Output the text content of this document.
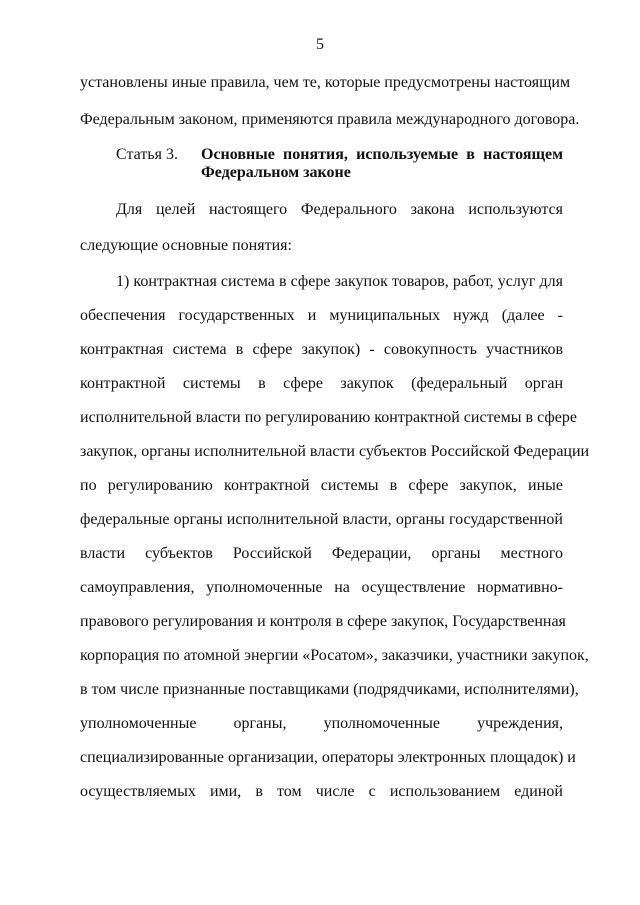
5
установлены иные правила, чем те, которые предусмотрены настоящим
Федеральным законом, применяются правила международного договора.
Статья 3. Основные понятия, используемые в настоящем
Федеральном законе
Для целей настоящего Федерального закона используются
следующие основные понятия:
1) контрактная система в сфере закупок товаров, работ, услуг для
обеспечения государственных и муниципальных нужд (далее -
контрактная система в сфере закупок) - совокупность участников
контрактной системы в сфере закупок (федеральный орган
исполнительной власти по регулированию контрактной системы в сфере
закупок, органы исполнительной власти субъектов Российской Федерации
по регулированию контрактной системы в сфере закупок, иные
федеральные органы исполнительной власти, органы государственной
власти субъектов Российской Федерации, органы местного
самоуправления, уполномоченные на осуществление нормативно-
правового регулирования и контроля в сфере закупок, Государственная
корпорация по атомной энергии «Росатом», заказчики, участники закупок,
в том числе признанные поставщиками (подрядчиками, исполнителями),
уполномоченные органы, уполномоченные учреждения,
специализированные организации, операторы электронных площадок) и
осуществляемых ими, в том числе с использованием единой
